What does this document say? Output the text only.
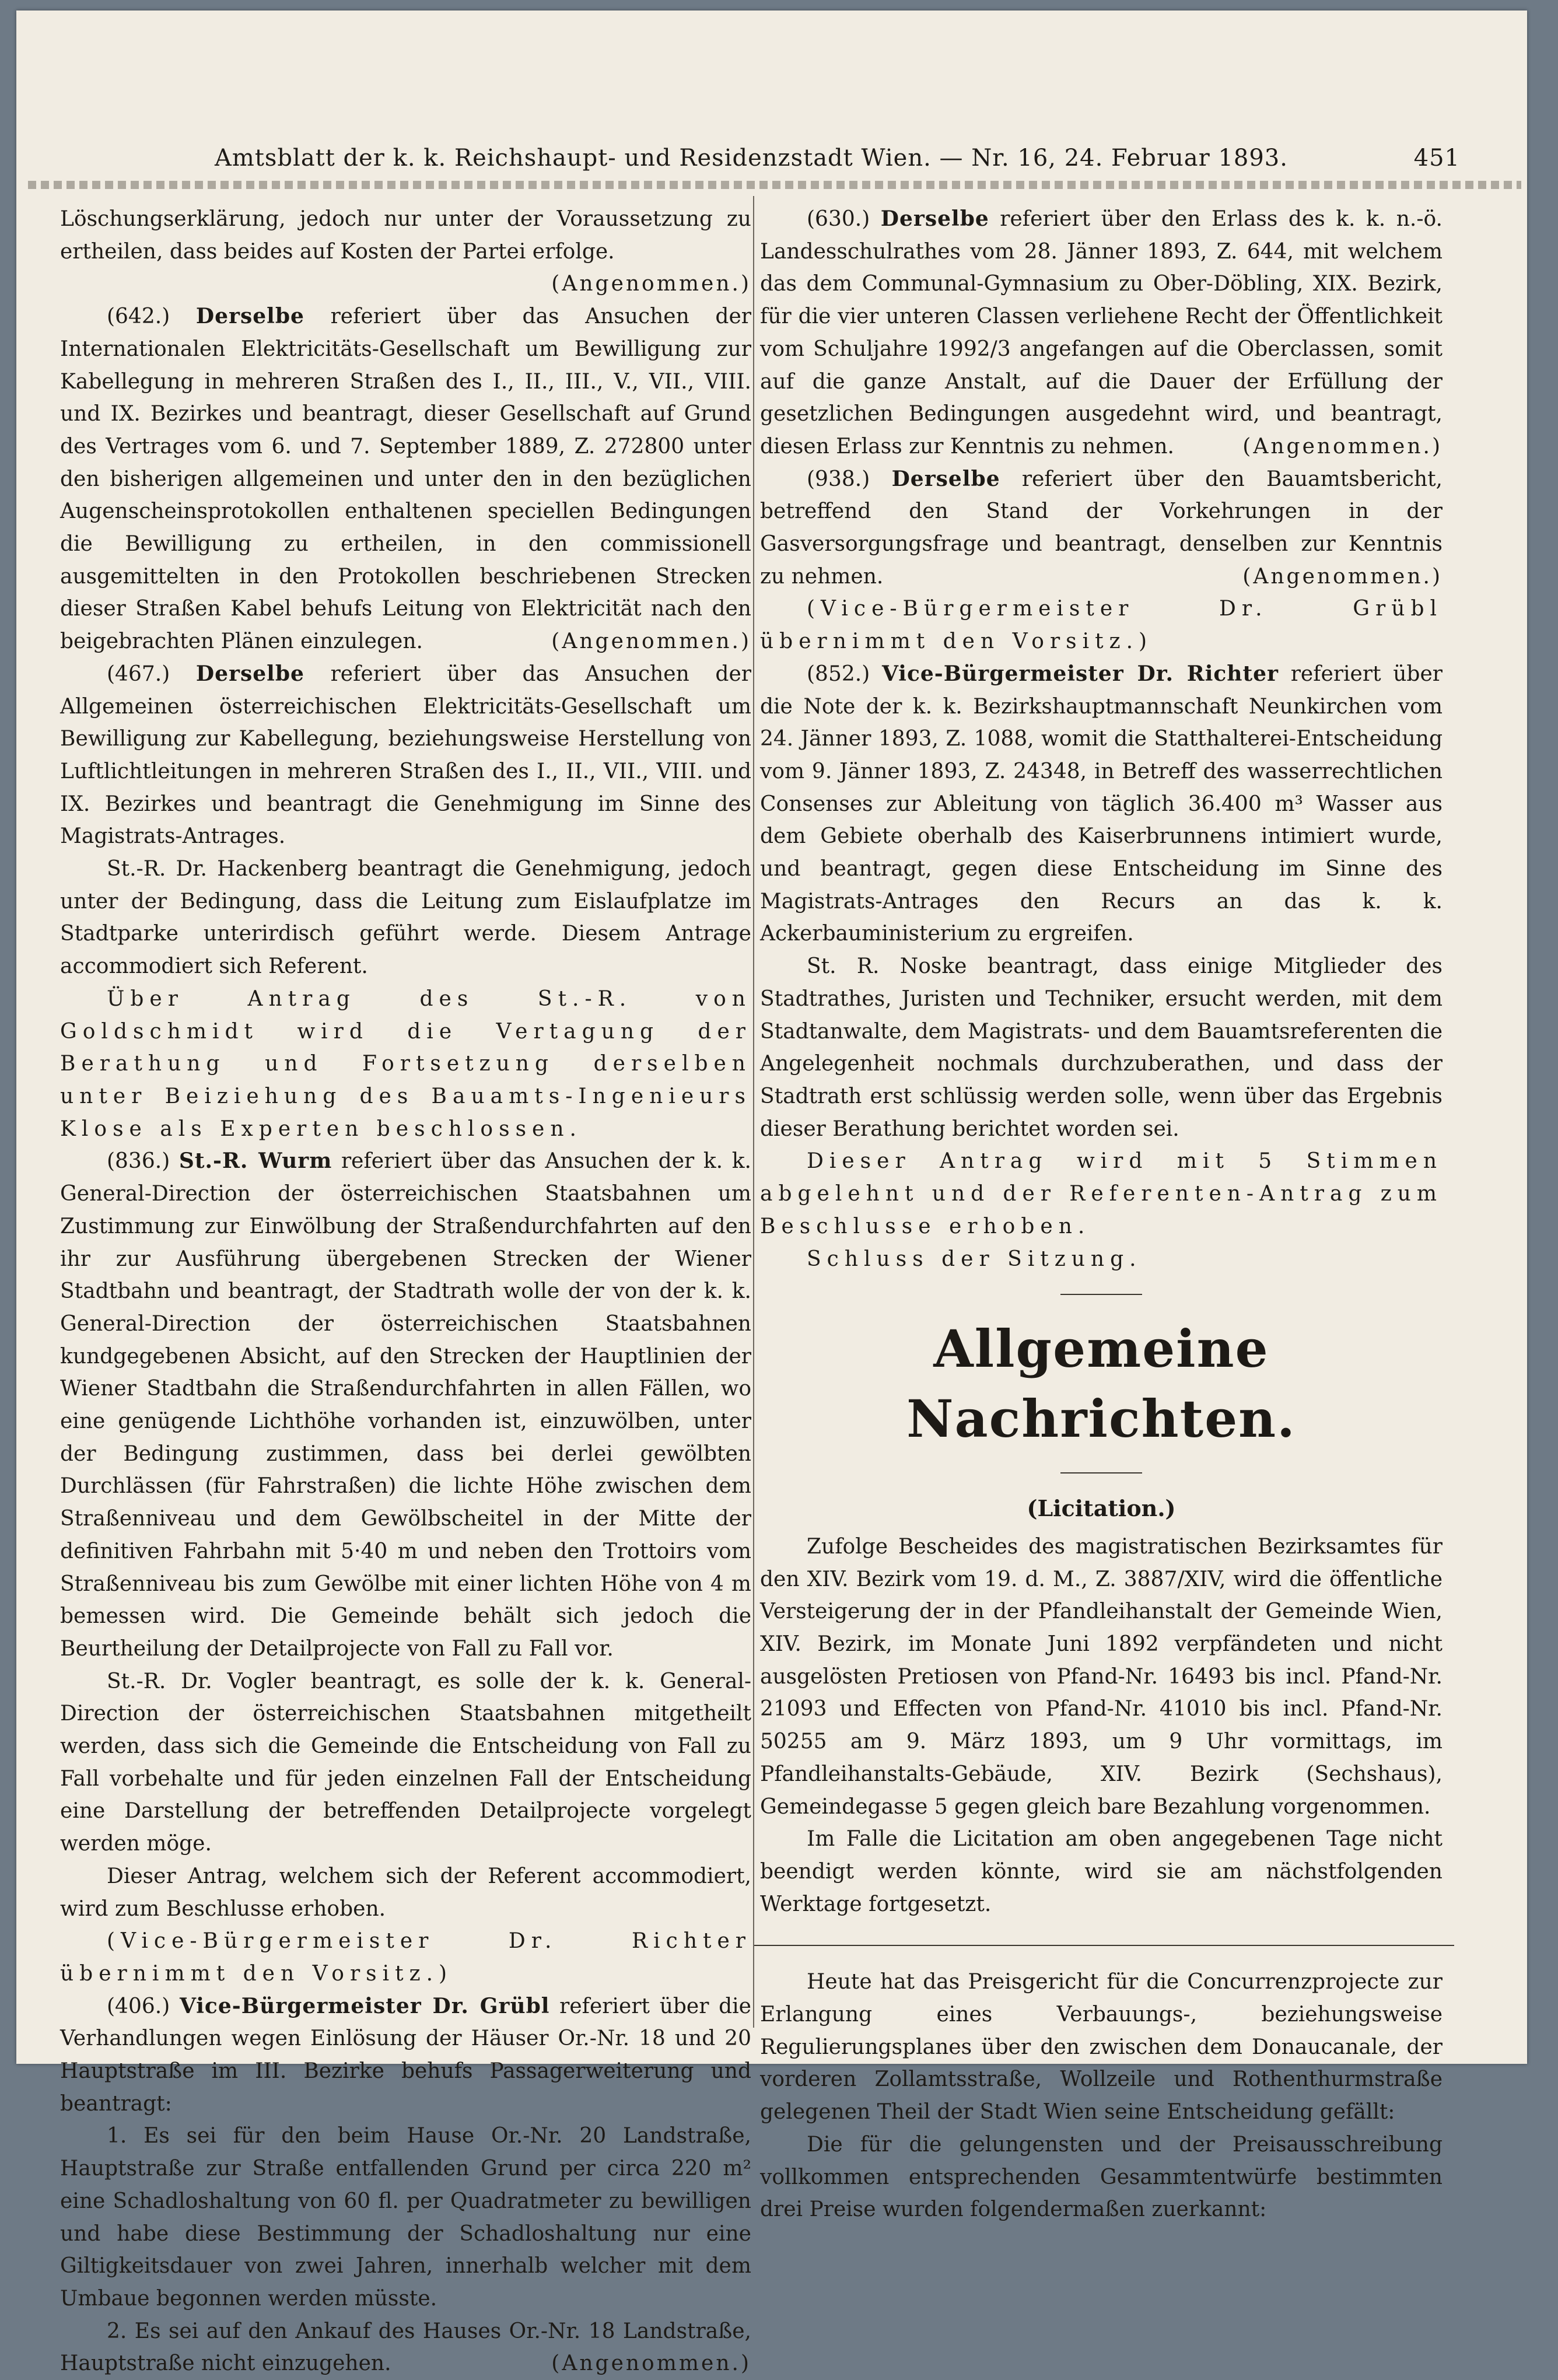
Amtsblatt der k. k. Reichshaupt- und Residenzstadt Wien. — Nr. 16, 24. Februar 1893.	451

Löschungserklärung, jedoch nur unter der Voraussetzung zu ertheilen, dass beides auf Kosten der Partei erfolge.
(Angenommen.)

(642.) Derselbe referiert über das Ansuchen der Internationalen Elektricitäts-Gesellschaft um Bewilligung zur Kabellegung in mehreren Straßen des I., II., III., V., VII., VIII. und IX. Bezirkes und beantragt, dieser Gesellschaft auf Grund des Vertrages vom 6. und 7. September 1889, Z. 272800 unter den bisherigen allgemeinen und unter den in den bezüglichen Augenscheinsprotokollen enthaltenen speciellen Bedingungen die Bewilligung zu ertheilen, in den commissionell ausgemittelten in den Protokollen beschriebenen Strecken dieser Straßen Kabel behufs Leitung von Elektricität nach den beigebrachten Plänen einzulegen.	(Angenommen.)

(467.) Derselbe referiert über das Ansuchen der Allgemeinen österreichischen Elektricitäts-Gesellschaft um Bewilligung zur Kabellegung, beziehungsweise Herstellung von Luftlichtleitungen in mehreren Straßen des I., II., VII., VIII. und IX. Bezirkes und beantragt die Genehmigung im Sinne des Magistrats-Antrages.

St.-R. Dr. Hackenberg beantragt die Genehmigung, jedoch unter der Bedingung, dass die Leitung zum Eislaufplatze im Stadtparke unterirdisch geführt werde. Diesem Antrage accommodiert sich Referent.

Über Antrag des St.-R. von Goldschmidt wird die Vertagung der Berathung und Fortsetzung derselben unter Beiziehung des Bauamts-Ingenieurs Klose als Experten beschlossen.

(836.) St.-R. Wurm referiert über das Ansuchen der k. k. General-Direction der österreichischen Staatsbahnen um Zustimmung zur Einwölbung der Straßendurchfahrten auf den ihr zur Ausführung übergebenen Strecken der Wiener Stadtbahn und beantragt, der Stadtrath wolle der von der k. k. General-Direction der österreichischen Staatsbahnen kundgegebenen Absicht, auf den Strecken der Hauptlinien der Wiener Stadtbahn die Straßendurchfahrten in allen Fällen, wo eine genügende Lichthöhe vorhanden ist, einzuwölben, unter der Bedingung zustimmen, dass bei derlei gewölbten Durchlässen (für Fahrstraßen) die lichte Höhe zwischen dem Straßenniveau und dem Gewölbscheitel in der Mitte der definitiven Fahrbahn mit 5·40 m und neben den Trottoirs vom Straßenniveau bis zum Gewölbe mit einer lichten Höhe von 4 m bemessen wird. Die Gemeinde behält sich jedoch die Beurtheilung der Detailprojecte von Fall zu Fall vor.

St.-R. Dr. Vogler beantragt, es solle der k. k. General-Direction der österreichischen Staatsbahnen mitgetheilt werden, dass sich die Gemeinde die Entscheidung von Fall zu Fall vorbehalte und für jeden einzelnen Fall der Entscheidung eine Darstellung der betreffenden Detailprojecte vorgelegt werden möge.

Dieser Antrag, welchem sich der Referent accommodiert, wird zum Beschlusse erhoben.

(Vice-Bürgermeister Dr. Richter übernimmt den Vorsitz.)

(406.) Vice-Bürgermeister Dr. Grübl referiert über die Verhandlungen wegen Einlösung der Häuser Or.-Nr. 18 und 20 Hauptstraße im III. Bezirke behufs Passagerweiterung und beantragt:

1. Es sei für den beim Hause Or.-Nr. 20 Landstraße, Hauptstraße zur Straße entfallenden Grund per circa 220 m² eine Schadloshaltung von 60 fl. per Quadratmeter zu bewilligen und habe diese Bestimmung der Schadloshaltung nur eine Giltigkeitsdauer von zwei Jahren, innerhalb welcher mit dem Umbaue begonnen werden müsste.

2. Es sei auf den Ankauf des Hauses Or.-Nr. 18 Landstraße, Hauptstraße nicht einzugehen.	(Angenommen.)

(630.) Derselbe referiert über den Erlass des k. k. n.-ö. Landesschulrathes vom 28. Jänner 1893, Z. 644, mit welchem das dem Communal-Gymnasium zu Ober-Döbling, XIX. Bezirk, für die vier unteren Classen verliehene Recht der Öffentlichkeit vom Schuljahre 1992/3 angefangen auf die Oberclassen, somit auf die ganze Anstalt, auf die Dauer der Erfüllung der gesetzlichen Bedingungen ausgedehnt wird, und beantragt, diesen Erlass zur Kenntnis zu nehmen.	(Angenommen.)

(938.) Derselbe referiert über den Bauamtsbericht, betreffend den Stand der Vorkehrungen in der Gasversorgungsfrage und beantragt, denselben zur Kenntnis zu nehmen.	(Angenommen.)

(Vice-Bürgermeister Dr. Grübl übernimmt den Vorsitz.)

(852.) Vice-Bürgermeister Dr. Richter referiert über die Note der k. k. Bezirkshauptmannschaft Neunkirchen vom 24. Jänner 1893, Z. 1088, womit die Statthalterei-Entscheidung vom 9. Jänner 1893, Z. 24348, in Betreff des wasserrechtlichen Consenses zur Ableitung von täglich 36.400 m³ Wasser aus dem Gebiete oberhalb des Kaiserbrunnens intimiert wurde, und beantragt, gegen diese Entscheidung im Sinne des Magistrats-Antrages den Recurs an das k. k. Ackerbauministerium zu ergreifen.

St. R. Noske beantragt, dass einige Mitglieder des Stadtrathes, Juristen und Techniker, ersucht werden, mit dem Stadtanwalte, dem Magistrats- und dem Bauamtsreferenten die Angelegenheit nochmals durchzuberathen, und dass der Stadtrath erst schlüssig werden solle, wenn über das Ergebnis dieser Berathung berichtet worden sei.

Dieser Antrag wird mit 5 Stimmen abgelehnt und der Referenten-Antrag zum Beschlusse erhoben.

Schluss der Sitzung.

Allgemeine Nachrichten.
(Licitation.)

Zufolge Bescheides des magistratischen Bezirksamtes für den XIV. Bezirk vom 19. d. M., Z. 3887/XIV, wird die öffentliche Versteigerung der in der Pfandleihanstalt der Gemeinde Wien, XIV. Bezirk, im Monate Juni 1892 verpfändeten und nicht ausgelösten Pretiosen von Pfand-Nr. 16493 bis incl. Pfand-Nr. 21093 und Effecten von Pfand-Nr. 41010 bis incl. Pfand-Nr. 50255 am 9. März 1893, um 9 Uhr vormittags, im Pfandleihanstalts-Gebäude, XIV. Bezirk (Sechshaus), Gemeindegasse 5 gegen gleich bare Bezahlung vorgenommen.

Im Falle die Licitation am oben angegebenen Tage nicht beendigt werden könnte, wird sie am nächstfolgenden Werktage fortgesetzt.

Heute hat das Preisgericht für die Concurrenzprojecte zur Erlangung eines Verbauungs-, beziehungsweise Regulierungsplanes über den zwischen dem Donaucanale, der vorderen Zollamtsstraße, Wollzeile und Rothenthurmstraße gelegenen Theil der Stadt Wien seine Entscheidung gefällt:

Die für die gelungensten und der Preisausschreibung vollkommen entsprechenden Gesammtentwürfe bestimmten drei Preise wurden folgendermaßen zuerkannt:
